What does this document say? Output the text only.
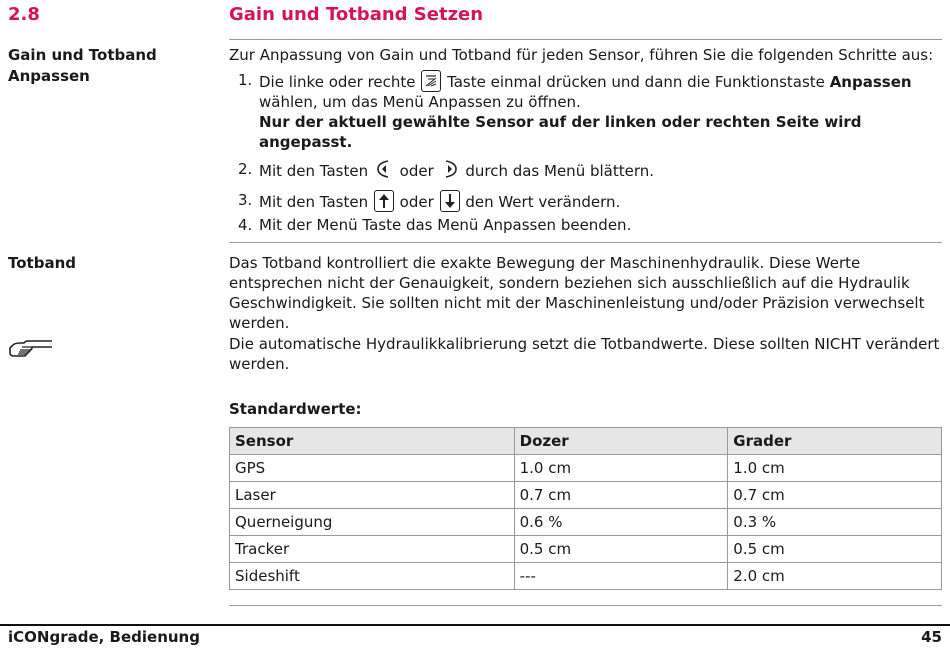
2.8	Gain und Totband Setzen
Gain und Totband
Anpassen
Zur Anpassung von Gain und Totband für jeden Sensor, führen Sie die folgenden Schritte aus:
1. Die linke oder rechte Taste einmal drücken und dann die Funktionstaste Anpassen wählen, um das Menü Anpassen zu öffnen.
Nur der aktuell gewählte Sensor auf der linken oder rechten Seite wird angepasst.
2. Mit den Tasten oder durch das Menü blättern.
3. Mit den Tasten oder den Wert verändern.
4. Mit der Menü Taste das Menü Anpassen beenden.
Totband	Das Totband kontrolliert die exakte Bewegung der Maschinenhydraulik. Diese Werte entsprechen nicht der Genauigkeit, sondern beziehen sich ausschließlich auf die Hydraulik Geschwindigkeit. Sie sollten nicht mit der Maschinenleistung und/oder Präzision verwechselt werden.
Die automatische Hydraulikkalibrierung setzt die Totbandwerte. Diese sollten NICHT verändert werden.
Standardwerte:
Sensor	Dozer	Grader
GPS	1.0 cm	1.0 cm
Laser	0.7 cm	0.7 cm
Querneigung	0.6 %	0.3 %
Tracker	0.5 cm	0.5 cm
Sideshift	---	2.0 cm
iCONgrade, Bedienung	45
